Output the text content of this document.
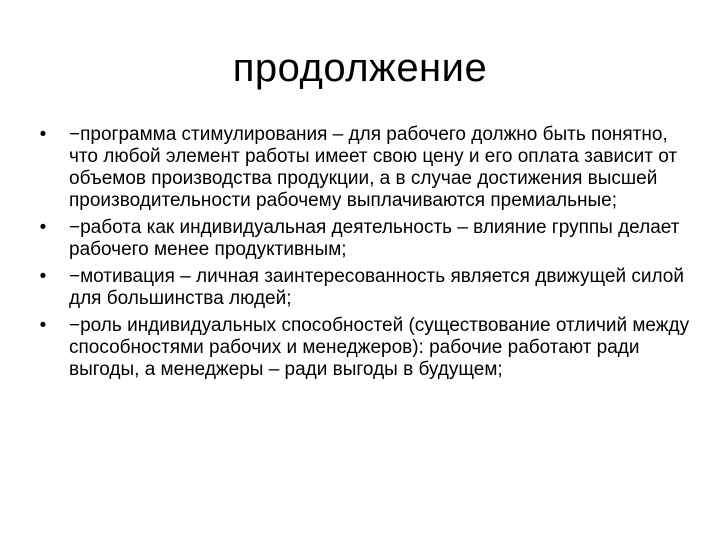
продолжение
• −программа стимулирования – для рабочего должно быть понятно, что любой элемент работы имеет свою цену и его оплата зависит от объемов производства продукции, а в случае достижения высшей производительности рабочему выплачиваются премиальные;
• −работа как индивидуальная деятельность – влияние группы делает рабочего менее продуктивным;
• −мотивация – личная заинтересованность является движущей силой для большинства людей;
• −роль индивидуальных способностей (существование отличий между способностями рабочих и менеджеров): рабочие работают ради выгоды, а менеджеры – ради выгоды в будущем;
